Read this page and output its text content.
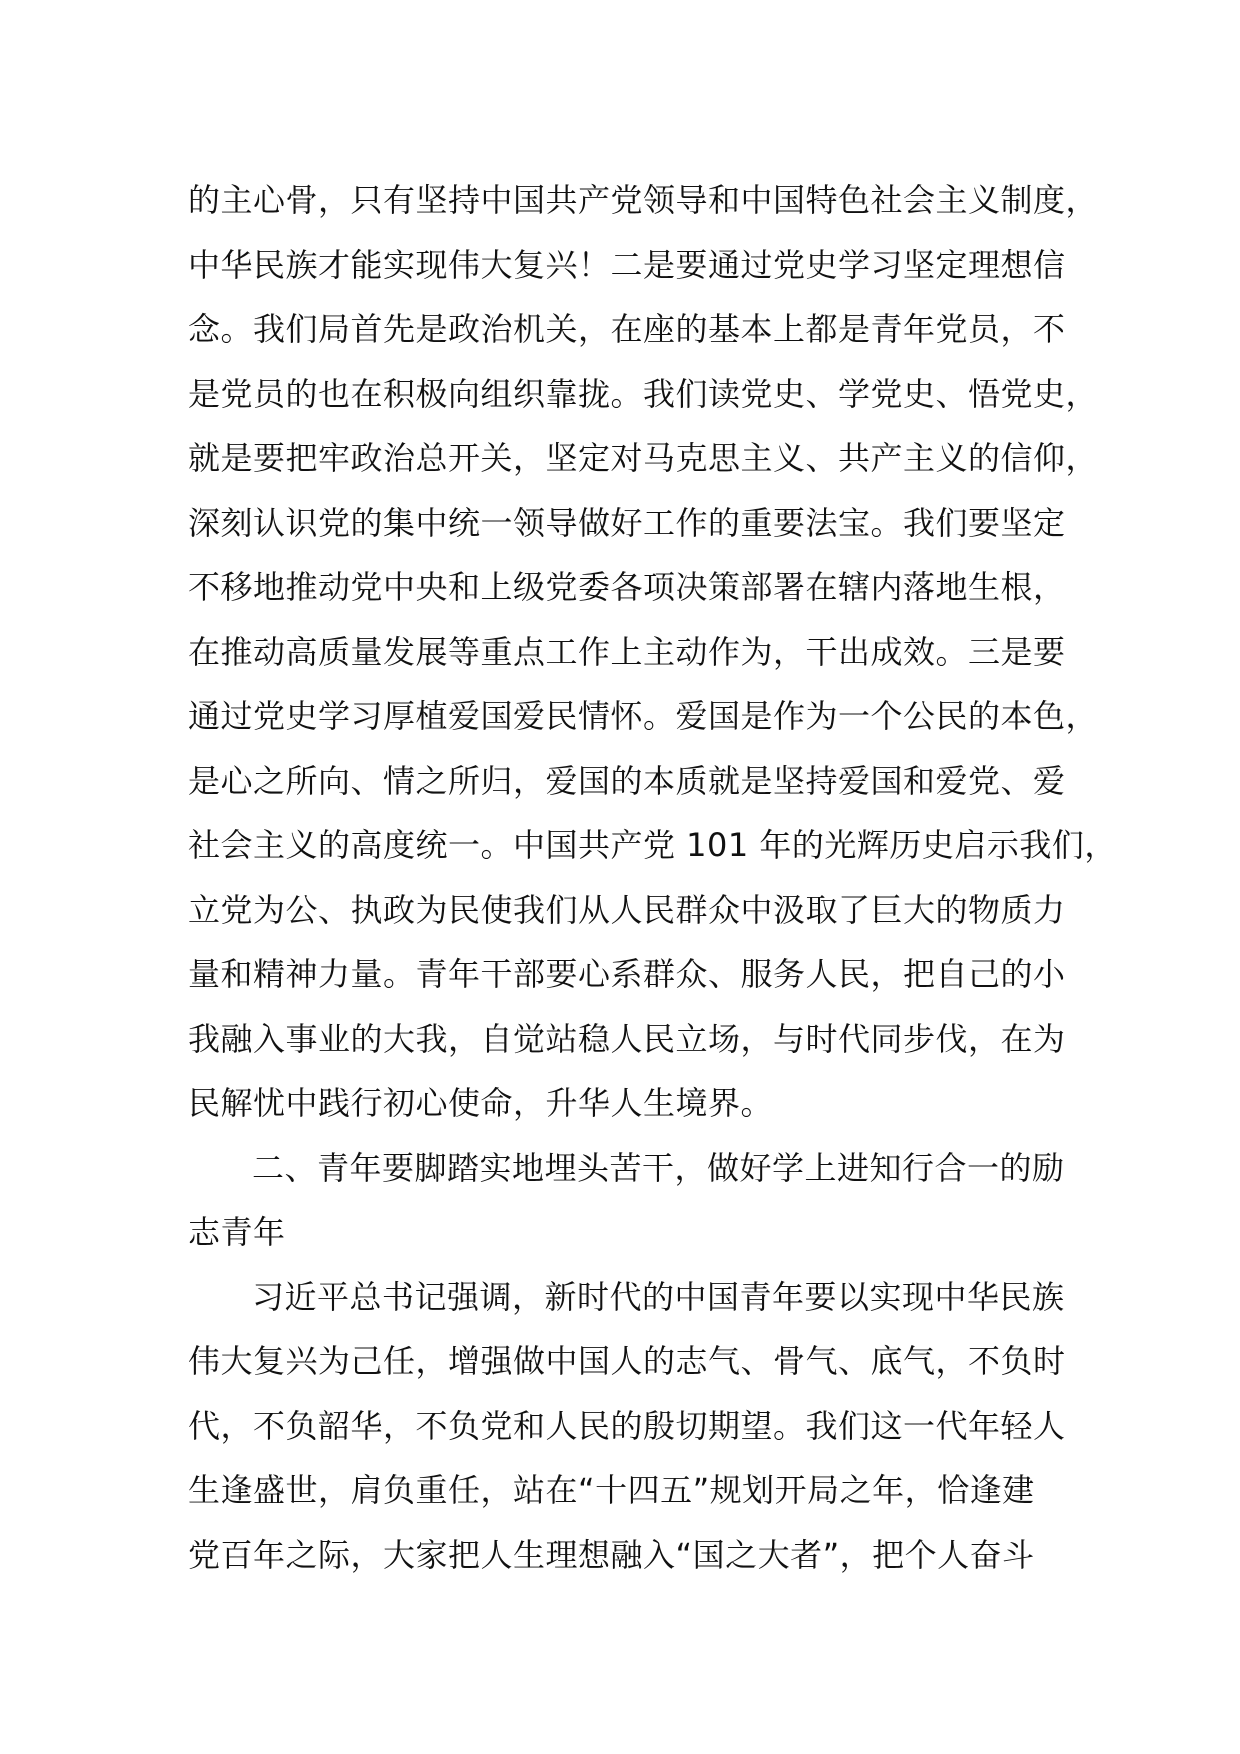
的主心骨，只有坚持中国共产党领导和中国特色社会主义制度，
中华民族才能实现伟大复兴！二是要通过党史学习坚定理想信
念。我们局首先是政治机关，在座的基本上都是青年党员，不
是党员的也在积极向组织靠拢。我们读党史、学党史、悟党史，
就是要把牢政治总开关，坚定对马克思主义、共产主义的信仰，
深刻认识党的集中统一领导做好工作的重要法宝。我们要坚定
不移地推动党中央和上级党委各项决策部署在辖内落地生根，
在推动高质量发展等重点工作上主动作为，干出成效。三是要
通过党史学习厚植爱国爱民情怀。爱国是作为一个公民的本色，
是心之所向、情之所归，爱国的本质就是坚持爱国和爱党、爱
社会主义的高度统一。中国共产党 101 年的光辉历史启示我们，
立党为公、执政为民使我们从人民群众中汲取了巨大的物质力
量和精神力量。青年干部要心系群众、服务人民，把自己的小
我融入事业的大我，自觉站稳人民立场，与时代同步伐，在为
民解忧中践行初心使命，升华人生境界。
二、青年要脚踏实地埋头苦干，做好学上进知行合一的励
志青年
习近平总书记强调，新时代的中国青年要以实现中华民族
伟大复兴为己任，增强做中国人的志气、骨气、底气，不负时
代，不负韶华，不负党和人民的殷切期望。我们这一代年轻人
生逢盛世，肩负重任，站在“十四五”规划开局之年，恰逢建
党百年之际，大家把人生理想融入“国之大者”，把个人奋斗
